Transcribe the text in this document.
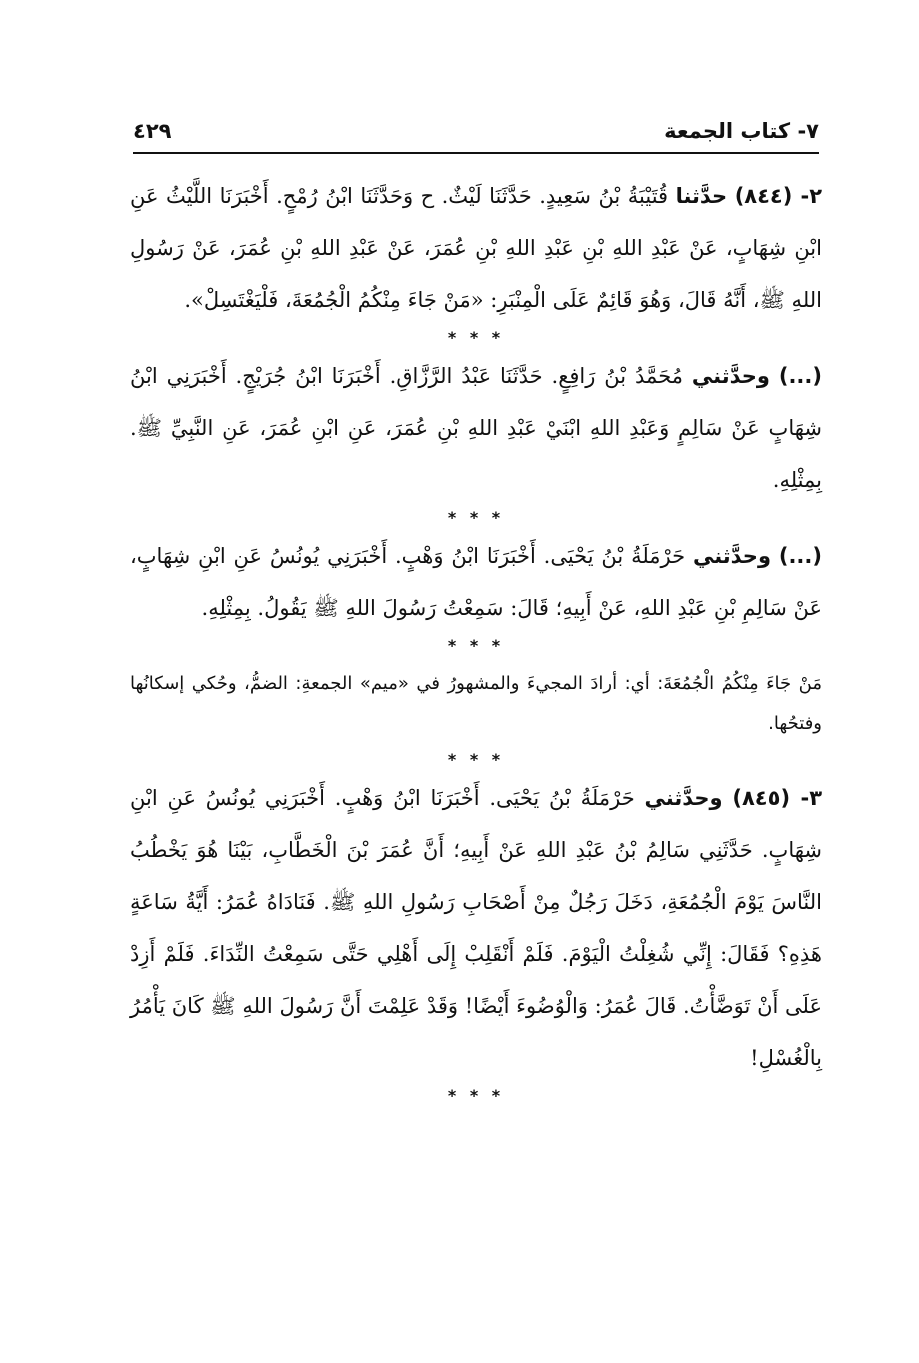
٧- كتاب الجمعة
٤٢٩

٢- (٨٤٤) حدَّثنا قُتَيْبَةُ بْنُ سَعِيدٍ. حَدَّثَنَا لَيْثٌ. ح وَحَدَّثَنَا ابْنُ رُمْحٍ. أَخْبَرَنَا اللَّيْثُ عَنِ ابْنِ شِهَابٍ، عَنْ عَبْدِ اللهِ بْنِ عَبْدِ اللهِ بْنِ عُمَرَ، عَنْ عَبْدِ اللهِ بْنِ عُمَرَ، عَنْ رَسُولِ اللهِ ﷺ، أَنَّهُ قَالَ، وَهُوَ قَائِمٌ عَلَى الْمِنْبَرِ: «مَنْ جَاءَ مِنْكُمُ الْجُمُعَةَ، فَلْيَغْتَسِلْ».

* * *

(...) وحدَّثني مُحَمَّدُ بْنُ رَافِعٍ. حَدَّثَنَا عَبْدُ الرَّزَّاقِ. أَخْبَرَنَا ابْنُ جُرَيْجٍ. أَخْبَرَنِي ابْنُ شِهَابٍ عَنْ سَالِمٍ وَعَبْدِ اللهِ ابْنَيْ عَبْدِ اللهِ بْنِ عُمَرَ، عَنِ ابْنِ عُمَرَ، عَنِ النَّبِيِّ ﷺ. بِمِثْلِهِ.

* * *

(...) وحدَّثني حَرْمَلَةُ بْنُ يَحْيَى. أَخْبَرَنَا ابْنُ وَهْبٍ. أَخْبَرَنِي يُونُسُ عَنِ ابْنِ شِهَابٍ، عَنْ سَالِمِ بْنِ عَبْدِ اللهِ، عَنْ أَبِيهِ؛ قَالَ: سَمِعْتُ رَسُولَ اللهِ ﷺ يَقُولُ. بِمِثْلِهِ.

* * *

مَنْ جَاءَ مِنْكُمُ الْجُمُعَةَ: أي: أرادَ المجيءَ والمشهورُ في «ميم» الجمعةِ: الضمُّ، وحُكي إسكانُها وفتحُها.

* * *

٣- (٨٤٥) وحدَّثني حَرْمَلَةُ بْنُ يَحْيَى. أَخْبَرَنَا ابْنُ وَهْبٍ. أَخْبَرَنِي يُونُسُ عَنِ ابْنِ شِهَابٍ. حَدَّثَنِي سَالِمُ بْنُ عَبْدِ اللهِ عَنْ أَبِيهِ؛ أَنَّ عُمَرَ بْنَ الْخَطَّابِ، بَيْنَا هُوَ يَخْطُبُ النَّاسَ يَوْمَ الْجُمُعَةِ، دَخَلَ رَجُلٌ مِنْ أَصْحَابِ رَسُولِ اللهِ ﷺ. فَنَادَاهُ عُمَرُ: أَيَّةُ سَاعَةٍ هَذِهِ؟ فَقَالَ: إِنِّي شُغِلْتُ الْيَوْمَ. فَلَمْ أَنْقَلِبْ إِلَى أَهْلِي حَتَّى سَمِعْتُ النِّدَاءَ. فَلَمْ أَزِدْ عَلَى أَنْ تَوَضَّأْتُ. قَالَ عُمَرُ: وَالْوُضُوءَ أَيْضًا! وَقَدْ عَلِمْتَ أَنَّ رَسُولَ اللهِ ﷺ كَانَ يَأْمُرُ بِالْغُسْلِ!

* * *
